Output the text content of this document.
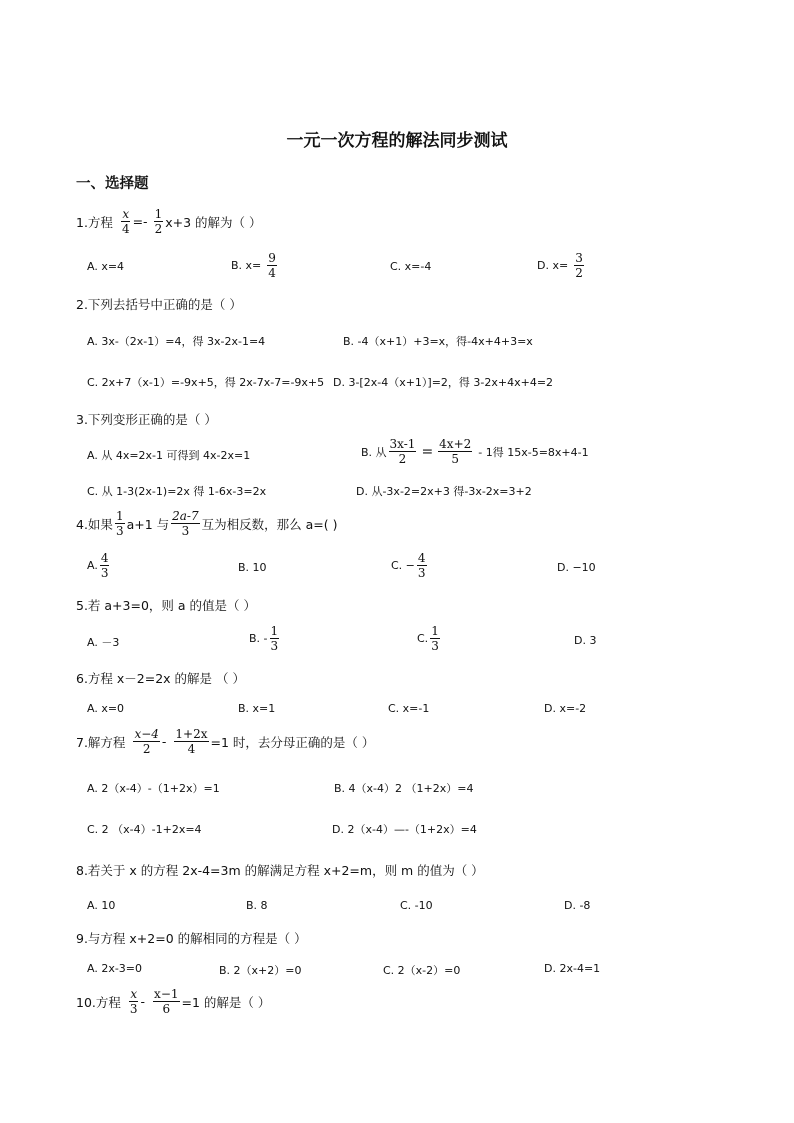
一元一次方程的解法同步测试
一、选择题
1.方程 $\frac{x}{4} =- \frac{1}{2} x+3$ 的解为（ ）
A. x=4	B. $x= \frac{9}{4}$	C. x=-4	D. $x= \frac{3}{2}$
2.下列去括号中正确的是（ ）
A. 3x-（2x-1）=4，得 3x-2x-1=4	B. -4（x+1）+3=x，得-4x+4+3=x
C. 2x+7（x-1）=-9x+5，得 2x-7x-7=-9x+5 D. 3-[2x-4（x+1）]=2，得 3-2x+4x+4=2
3.下列变形正确的是（ ）
A. 从 4x=2x-1 可得到 4x-2x=1	B. 从 $\frac{3x-1}{2} = \frac{4x+2}{5} - 1$得 15x-5=8x+4-1
C. 从 1-3(2x-1)=2x 得 1-6x-3=2x	D. 从-3x-2=2x+3 得-3x-2x=3+2
4.如果 $\frac{1}{3} a+1$ 与 $\frac{2a-7}{3}$ 互为相反数，那么 a=( )
A. $\frac{4}{3}$	B. 10	C. − $\frac{4}{3}$	D. −10
5.若 a+3=0，则 a 的值是（ ）
A. －3	B. - $\frac{1}{3}$	C. $\frac{1}{3}$	D. 3
6.方程 x－2=2x 的解是 （ ）
A. x=0	B. x=1	C. x=-1	D. x=-2
7.解方程 $\frac{x-4}{2} - \frac{1+2x}{4} =1$ 时，去分母正确的是（ ）
A. 2（x-4）-（1+2x）=1	B. 4（x-4）2 （1+2x）=4
C. 2 （x-4）-1+2x=4	D. 2（x-4）—-（1+2x）=4
8.若关于 x 的方程 2x-4=3m 的解满足方程 x+2=m，则 m 的值为（ ）
A. 10	B. 8	C. -10	D. -8
9.与方程 x+2=0 的解相同的方程是（ ）
A. 2x-3=0	B. 2（x+2）=0	C. 2（x-2）=0	D. 2x-4=1
10.方程 $\frac{x}{3} - \frac{x-1}{6} =1$ 的解是（ ）
